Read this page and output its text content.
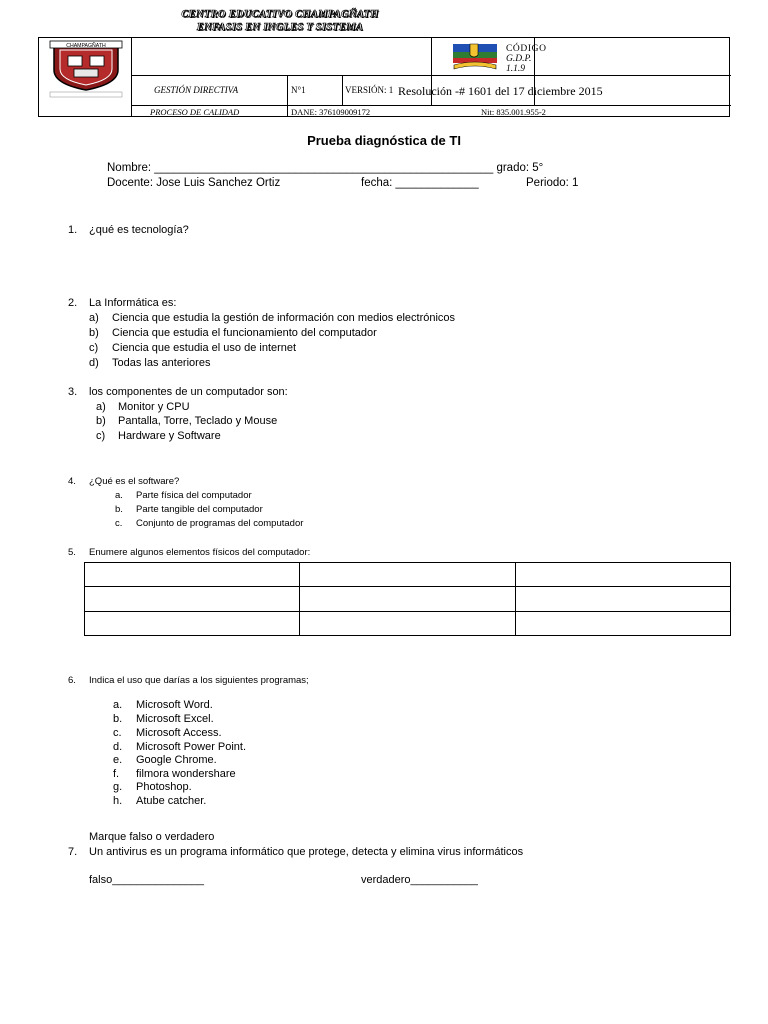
CHAMPAGÑATH
CENTRO EDUCATIVO CHAMPAGÑATH
ENFASIS EN INGLES Y SISTEMA
CÓDIGO
G.D.P.
1.1.9
GESTIÓN DIRECTIVA	N°1	VERSIÓN: 1 Resolución -# 1601 del 17 diciembre 2015
PROCESO DE CALIDAD	DANE: 376109009172	Nit: 835.001.955-2
Prueba diagnóstica de TI
Nombre: _____________________________________________________ grado: 5°
Docente: Jose Luis Sanchez Ortiz	fecha: _____________	Periodo: 1
1. ¿qué es tecnología?
2. La Informática es:
a) Ciencia que estudia la gestión de información con medios electrónicos
b) Ciencia que estudia el funcionamiento del computador
c) Ciencia que estudia el uso de internet
d) Todas las anteriores
3. los componentes de un computador son:
a) Monitor y CPU
b) Pantalla, Torre, Teclado y Mouse
c) Hardware y Software
4. ¿Qué es el software?
a. Parte física del computador
b. Parte tangible del computador
c. Conjunto de programas del computador
5. Enumere algunos elementos físicos del computador:

6. Indica el uso que darías a los siguientes programas;
a. Microsoft Word.
b. Microsoft Excel.
c. Microsoft Access.
d. Microsoft Power Point.
e. Google Chrome.
f. filmora wondershare
g. Photoshop.
h. Atube catcher.
Marque falso o verdadero
7. Un antivirus es un programa informático que protege, detecta y elimina virus informáticos
falso_______________	verdadero___________
